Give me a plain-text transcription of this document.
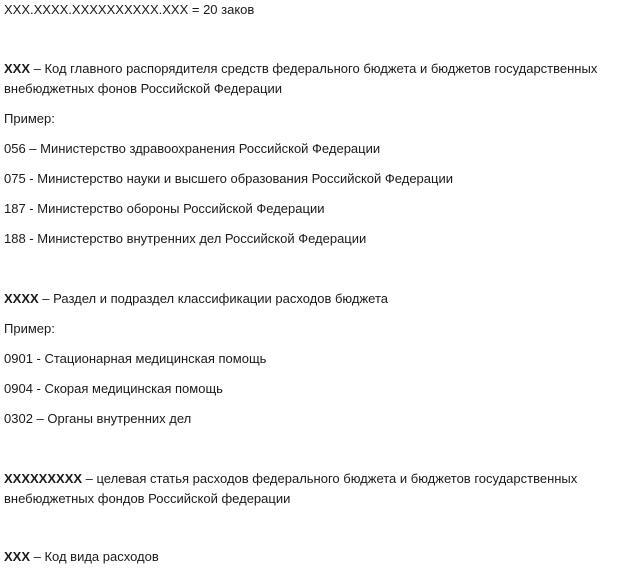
XXX.XXXX.XXXXXXXXXX.XXX = 20 заков

XXX – Код главного распорядителя средств федерального бюджета и бюджетов государственных внебюджетных фонов Российской Федерации

Пример:

056 – Министерство здравоохранения Российской Федерации

075 - Министерство науки и высшего образования Российской Федерации

187 - Министерство обороны Российской Федерации

188 - Министерство внутренних дел Российской Федерации

XXXX – Раздел и подраздел классификации расходов бюджета

Пример:

0901 - Стационарная медицинская помощь

0904 - Скорая медицинская помощь

0302 – Органы внутренних дел

XXXXXXXXX – целевая статья расходов федерального бюджета и бюджетов государственных внебюджетных фондов Российской федерации

XXX – Код вида расходов
